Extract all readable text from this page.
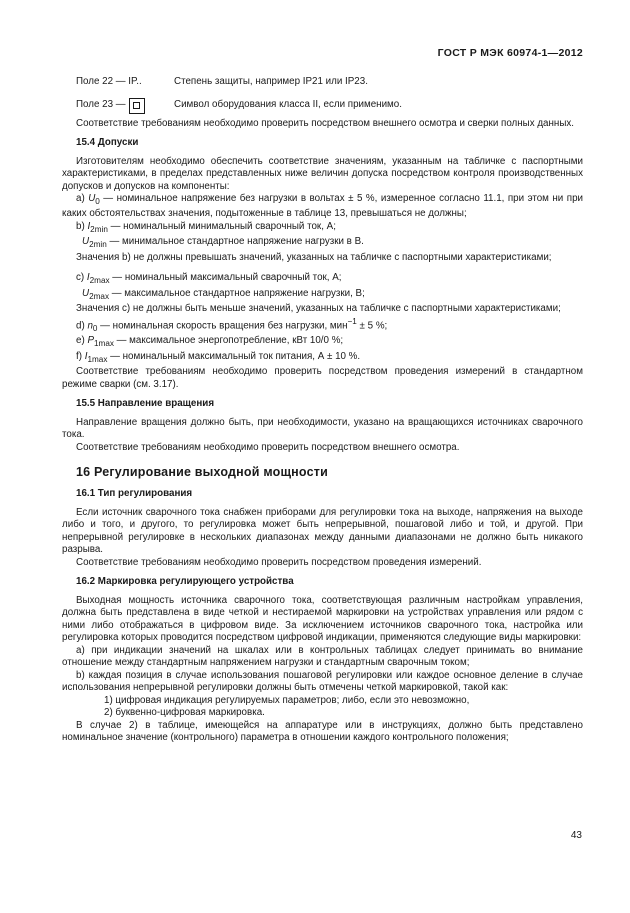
ГОСТ Р МЭК 60974-1—2012
Поле 22 — IP..	Степень защиты, например IP21 или IP23.
Поле 23 —	Символ оборудования класса II, если применимо.

Соответствие требованиям необходимо проверить посредством внешнего осмотра и сверки полных данных.

15.4 Допуски

Изготовителям необходимо обеспечить соответствие значениям, указанным на табличке с паспортными характеристиками, в пределах представленных ниже величин допуска посредством контроля производственных допусков и допусков на компоненты:

a) $U_0$ — номинальное напряжение без нагрузки в вольтах ± 5 %, измеренное согласно 11.1, при этом ни при каких обстоятельствах значения, подытоженные в таблице 13, превышаться не должны;

b) $I_{2min}$ — номинальный минимальный сварочный ток, А;

$U_{2min}$ — минимальное стандартное напряжение нагрузки в В.

Значения b) не должны превышать значений, указанных на табличке с паспортными характеристиками;

c) $I_{2max}$ — номинальный максимальный сварочный ток, А;

$U_{2max}$ — максимальное стандартное напряжение нагрузки, В;

Значения c) не должны быть меньше значений, указанных на табличке с паспортными характеристиками;

d) $n_0$ — номинальная скорость вращения без нагрузки, мин$^{-1}$ ± 5 %;

e) $P_{1max}$ — максимальное энергопотребление, кВт 10/0 %;

f) $I_{1max}$ — номинальный максимальный ток питания, А ± 10 %.

Соответствие требованиям необходимо проверить посредством проведения измерений в стандартном режиме сварки (см. 3.17).

15.5 Направление вращения

Направление вращения должно быть, при необходимости, указано на вращающихся источниках сварочного тока.

Соответствие требованиям необходимо проверить посредством внешнего осмотра.

16 Регулирование выходной мощности
16.1 Тип регулирования

Если источник сварочного тока снабжен приборами для регулировки тока на выходе, напряжения на выходе либо и того, и другого, то регулировка может быть непрерывной, пошаговой либо и той, и другой. При непрерывной регулировке в нескольких диапазонах между данными диапазонами не должно быть никакого разрыва.

Соответствие требованиям необходимо проверить посредством проведения измерений.

16.2 Маркировка регулирующего устройства

Выходная мощность источника сварочного тока, соответствующая различным настройкам управления, должна быть представлена в виде четкой и нестираемой маркировки на устройствах управления или рядом с ними либо отображаться в цифровом виде. За исключением источников сварочного тока, настройка или регулировка которых проводится посредством цифровой индикации, применяются следующие виды маркировки:

a) при индикации значений на шкалах или в контрольных таблицах следует принимать во внимание отношение между стандартным напряжением нагрузки и стандартным сварочным током;

b) каждая позиция в случае использования пошаговой регулировки или каждое основное деление в случае использования непрерывной регулировки должны быть отмечены четкой маркировкой, такой как:

1) цифровая индикация регулируемых параметров; либо, если это невозможно,

2) буквенно-цифровая маркировка.

В случае 2) в таблице, имеющейся на аппаратуре или в инструкциях, должно быть представлено номинальное значение (контрольного) параметра в отношении каждого контрольного положения;

43
